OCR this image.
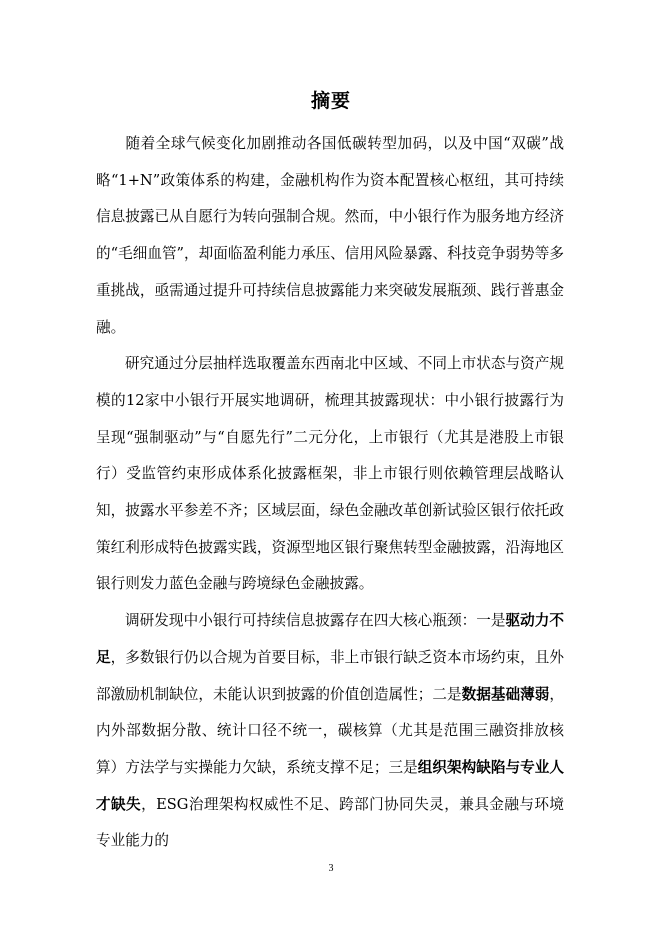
摘要

随着全球气候变化加剧推动各国低碳转型加码，以及中国“双碳”战略“1+N”政策体系的构建，金融机构作为资本配置核心枢纽，其可持续信息披露已从自愿行为转向强制合规。然而，中小银行作为服务地方经济的“毛细血管”，却面临盈利能力承压、信用风险暴露、科技竞争弱势等多重挑战，亟需通过提升可持续信息披露能力来突破发展瓶颈、践行普惠金融。

研究通过分层抽样选取覆盖东西南北中区域、不同上市状态与资产规模的12家中小银行开展实地调研，梳理其披露现状：中小银行披露行为呈现“强制驱动”与“自愿先行”二元分化，上市银行（尤其是港股上市银行）受监管约束形成体系化披露框架，非上市银行则依赖管理层战略认知，披露水平参差不齐；区域层面，绿色金融改革创新试验区银行依托政策红利形成特色披露实践，资源型地区银行聚焦转型金融披露，沿海地区银行则发力蓝色金融与跨境绿色金融披露。

调研发现中小银行可持续信息披露存在四大核心瓶颈：一是驱动力不足，多数银行仍以合规为首要目标，非上市银行缺乏资本市场约束，且外部激励机制缺位，未能认识到披露的价值创造属性；二是数据基础薄弱，内外部数据分散、统计口径不统一，碳核算（尤其是范围三融资排放核算）方法学与实操能力欠缺，系统支撑不足；三是组织架构缺陷与专业人才缺失，ESG治理架构权威性不足、跨部门协同失灵，兼具金融与环境专业能力的

3
